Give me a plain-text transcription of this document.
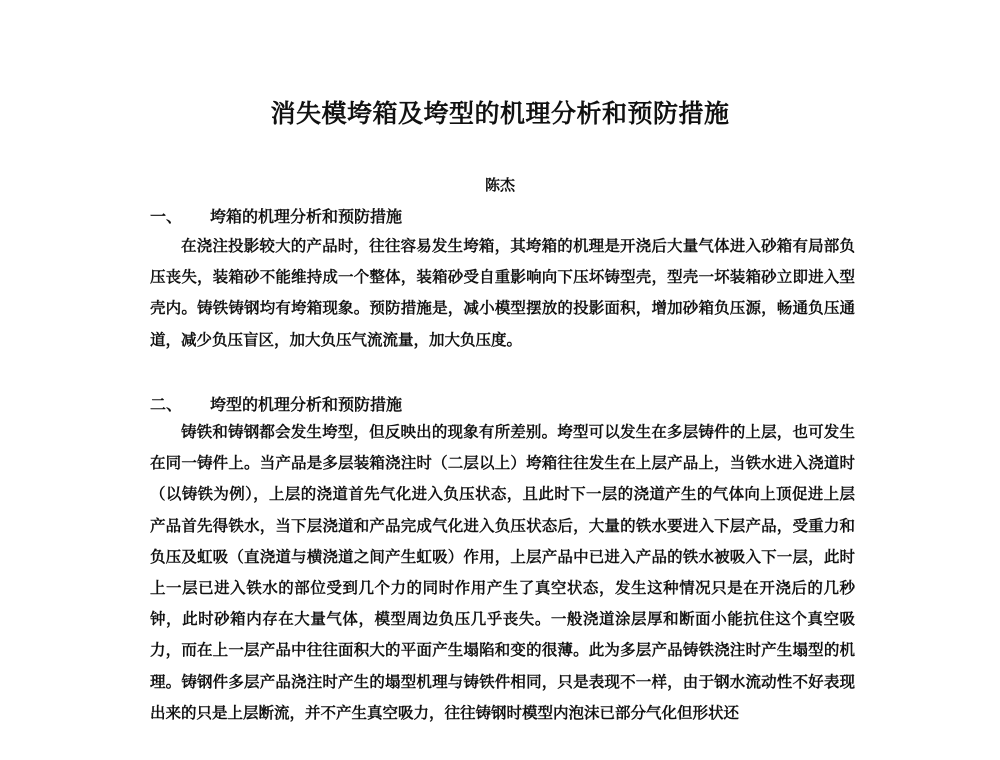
消失模垮箱及垮型的机理分析和预防措施

陈杰

一、 垮箱的机理分析和预防措施

在浇注投影较大的产品时，往往容易发生垮箱，其垮箱的机理是开浇后大量气体进入砂箱有局部负压丧失，装箱砂不能维持成一个整体，装箱砂受自重影响向下压坏铸型壳，型壳一坏装箱砂立即进入型壳内。铸铁铸钢均有垮箱现象。预防措施是，减小模型摆放的投影面积，增加砂箱负压源，畅通负压通道，减少负压盲区，加大负压气流流量，加大负压度。

二、 垮型的机理分析和预防措施

铸铁和铸钢都会发生垮型，但反映出的现象有所差别。垮型可以发生在多层铸件的上层，也可发生在同一铸件上。当产品是多层装箱浇注时（二层以上）垮箱往往发生在上层产品上，当铁水进入浇道时（以铸铁为例），上层的浇道首先气化进入负压状态，且此时下一层的浇道产生的气体向上顶促进上层产品首先得铁水，当下层浇道和产品完成气化进入负压状态后，大量的铁水要进入下层产品，受重力和负压及虹吸（直浇道与横浇道之间产生虹吸）作用，上层产品中已进入产品的铁水被吸入下一层，此时上一层已进入铁水的部位受到几个力的同时作用产生了真空状态，发生这种情况只是在开浇后的几秒钟，此时砂箱内存在大量气体，模型周边负压几乎丧失。一般浇道涂层厚和断面小能抗住这个真空吸力，而在上一层产品中往往面积大的平面产生塌陷和变的很薄。此为多层产品铸铁浇注时产生塌型的机理。铸钢件多层产品浇注时产生的塌型机理与铸铁件相同，只是表现不一样，由于钢水流动性不好表现出来的只是上层断流，并不产生真空吸力，往往铸钢时模型内泡沫已部分气化但形状还
